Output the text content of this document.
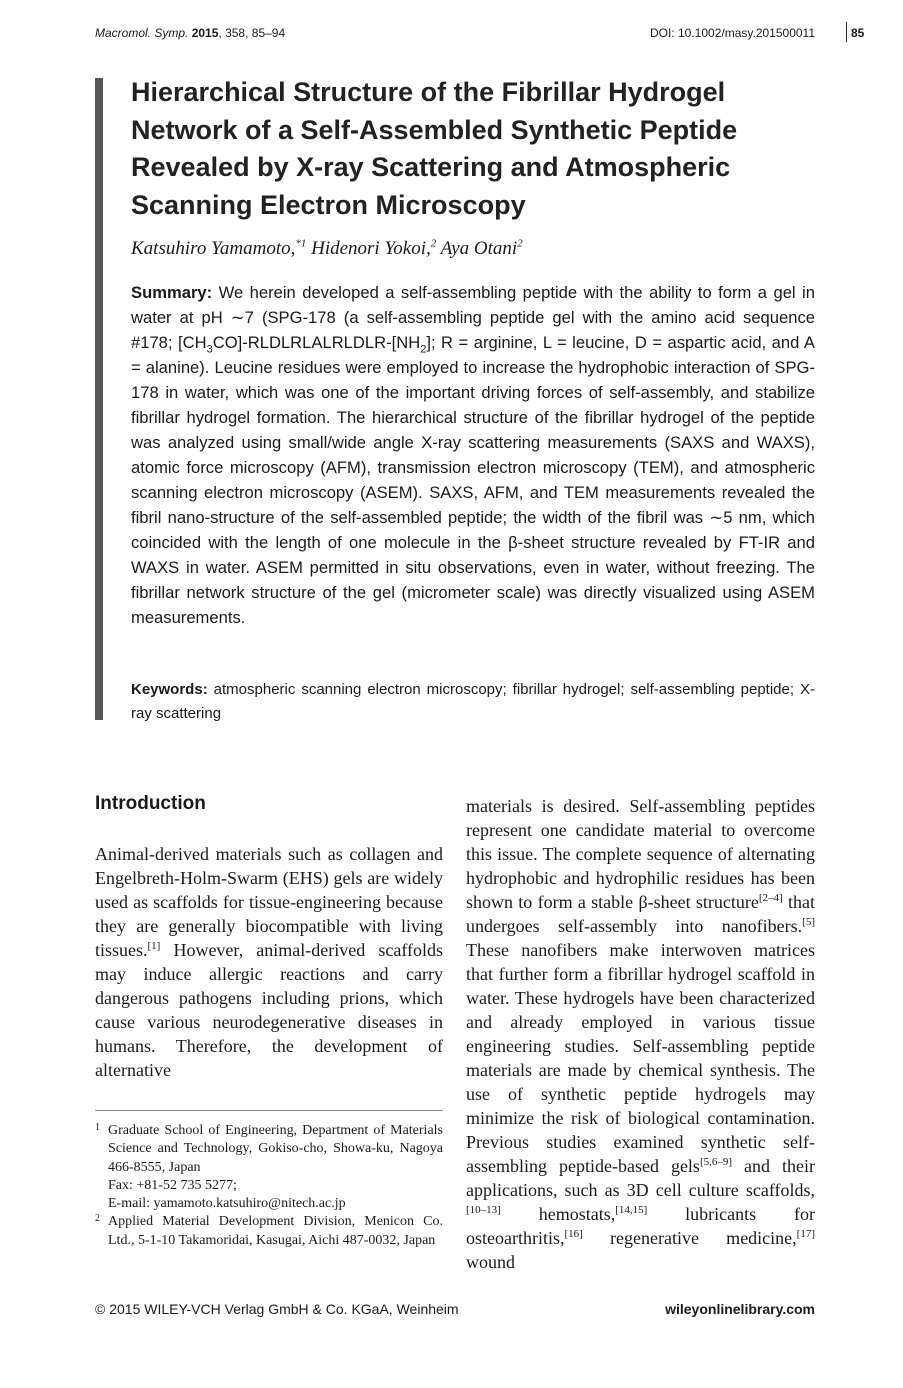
Macromol. Symp. 2015, 358, 85–94	DOI: 10.1002/masy.201500011	85
Hierarchical Structure of the Fibrillar Hydrogel Network of a Self-Assembled Synthetic Peptide Revealed by X-ray Scattering and Atmospheric Scanning Electron Microscopy
Katsuhiro Yamamoto,$^{*1}$ Hidenori Yokoi,$^2$ Aya Otani$^2$

Summary: We herein developed a self-assembling peptide with the ability to form a gel in water at pH ∼7 (SPG-178 (a self-assembling peptide gel with the amino acid sequence #178; $[CH_3CO]-RLDLRLALRLDLR-[NH_2]$; R = arginine, L = leucine, D = aspartic acid, and A = alanine). Leucine residues were employed to increase the hydrophobic interaction of SPG-178 in water, which was one of the important driving forces of self-assembly, and stabilize fibrillar hydrogel formation. The hierarchical structure of the fibrillar hydrogel of the peptide was analyzed using small/wide angle X-ray scattering measurements (SAXS and WAXS), atomic force microscopy (AFM), transmission electron microscopy (TEM), and atmospheric scanning electron microscopy (ASEM). SAXS, AFM, and TEM measurements revealed the fibril nano-structure of the self-assembled peptide; the width of the fibril was ∼5 nm, which coincided with the length of one molecule in the β-sheet structure revealed by FT-IR and WAXS in water. ASEM permitted in situ observations, even in water, without freezing. The fibrillar network structure of the gel (micrometer scale) was directly visualized using ASEM measurements.

Keywords: atmospheric scanning electron microscopy; fibrillar hydrogel; self-assembling peptide; X-ray scattering

Introduction

Animal-derived materials such as collagen and Engelbreth-Holm-Swarm (EHS) gels are widely used as scaffolds for tissue-engineering because they are generally biocompatible with living tissues.[1] However, animal-derived scaffolds may induce allergic reactions and carry dangerous pathogens including prions, which cause various neurodegenerative diseases in humans. Therefore, the development of alternative

materials is desired. Self-assembling peptides represent one candidate material to overcome this issue. The complete sequence of alternating hydrophobic and hydrophilic residues has been shown to form a stable β-sheet structure[2–4] that undergoes self-assembly into nanofibers.[5] These nanofibers make interwoven matrices that further form a fibrillar hydrogel scaffold in water. These hydrogels have been characterized and already employed in various tissue engineering studies. Self-assembling peptide materials are made by chemical synthesis. The use of synthetic peptide hydrogels may minimize the risk of biological contamination. Previous studies examined synthetic self-assembling peptide-based gels[5,6–9] and their applications, such as 3D cell culture scaffolds,[10–13] hemostats,[14,15] lubricants for osteoarthritis,[16] regenerative medicine,[17] wound

1 Graduate School of Engineering, Department of Materials Science and Technology, Gokiso-cho, Showa-ku, Nagoya 466-8555, Japan
Fax: +81-52 735 5277;
E-mail: yamamoto.katsuhiro@nitech.ac.jp
2 Applied Material Development Division, Menicon Co. Ltd., 5-1-10 Takamoridai, Kasugai, Aichi 487-0032, Japan
© 2015 WILEY-VCH Verlag GmbH & Co. KGaA, Weinheim	wileyonlinelibrary.com
